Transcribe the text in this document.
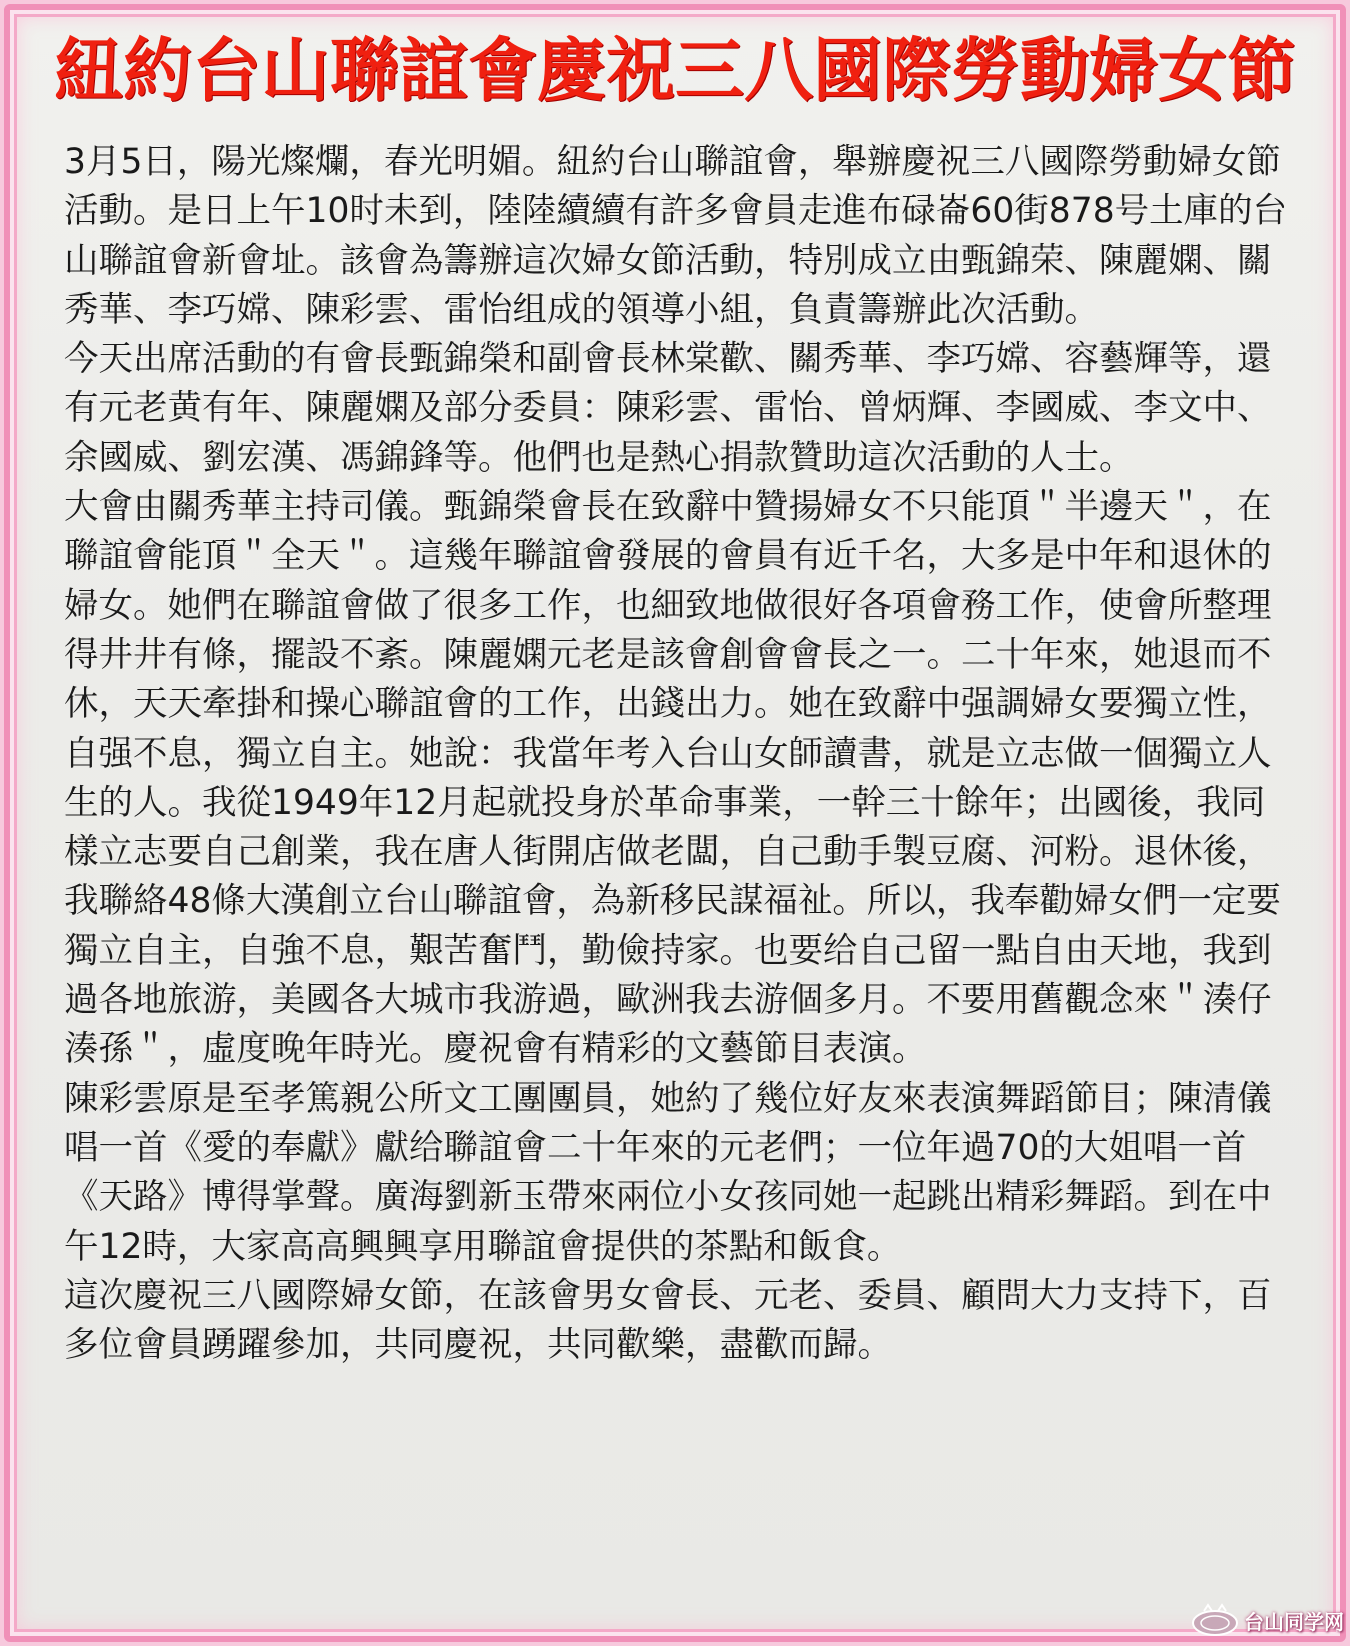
紐約台山聯誼會慶祝三八國際勞動婦女節

3月5日，陽光燦爛，春光明媚。紐約台山聯誼會，舉辦慶祝三八國際勞動婦女節活動。是日上午10时未到，陸陸續續有許多會員走進布碌崙60街878号土庫的台山聯誼會新會址。該會為籌辦這次婦女節活動，特別成立由甄錦荣、陳麗嫻、關秀華、李巧嫦、陳彩雲、雷怡组成的領導小組，負責籌辦此次活動。

今天出席活動的有會長甄錦榮和副會長林棠歡、關秀華、李巧嫦、容藝輝等，還有元老黄有年、陳麗嫻及部分委員：陳彩雲、雷怡、曾炳輝、李國威、李文中、余國威、劉宏漢、馮錦鋒等。他們也是熱心捐款贊助這次活動的人士。

大會由關秀華主持司儀。甄錦榮會長在致辭中贊揚婦女不只能頂＂半邊天＂，在聯誼會能頂＂全天＂。這幾年聯誼會發展的會員有近千名，大多是中年和退休的婦女。她們在聯誼會做了很多工作，也細致地做很好各項會務工作，使會所整理得井井有條，擺設不紊。陳麗嫻元老是該會創會會長之一。二十年來，她退而不休，天天牽掛和操心聯誼會的工作，出錢出力。她在致辭中强調婦女要獨立性，自强不息，獨立自主。她說：我當年考入台山女師讀書，就是立志做一個獨立人生的人。我從1949年12月起就投身於革命事業，一幹三十餘年；出國後，我同樣立志要自己創業，我在唐人街開店做老闆，自己動手製豆腐、河粉。退休後，我聯絡48條大漢創立台山聯誼會，為新移民謀福祉。所以，我奉勸婦女們一定要獨立自主，自強不息，艱苦奮鬥，勤儉持家。也要给自己留一點自由天地，我到過各地旅游，美國各大城市我游過，歐洲我去游個多月。不要用舊觀念來＂湊仔湊孫＂，虛度晚年時光。慶祝會有精彩的文藝節目表演。

陳彩雲原是至孝篤親公所文工團團員，她約了幾位好友來表演舞蹈節目；陳清儀唱一首《愛的奉獻》獻给聯誼會二十年來的元老們；一位年過70的大姐唱一首《天路》博得掌聲。廣海劉新玉帶來兩位小女孩同她一起跳出精彩舞蹈。到在中午12時，大家高高興興享用聯誼會提供的茶點和飯食。

這次慶祝三八國際婦女節，在該會男女會長、元老、委員、顧問大力支持下，百多位會員踴躍參加，共同慶祝，共同歡樂，盡歡而歸。

台山同学网
